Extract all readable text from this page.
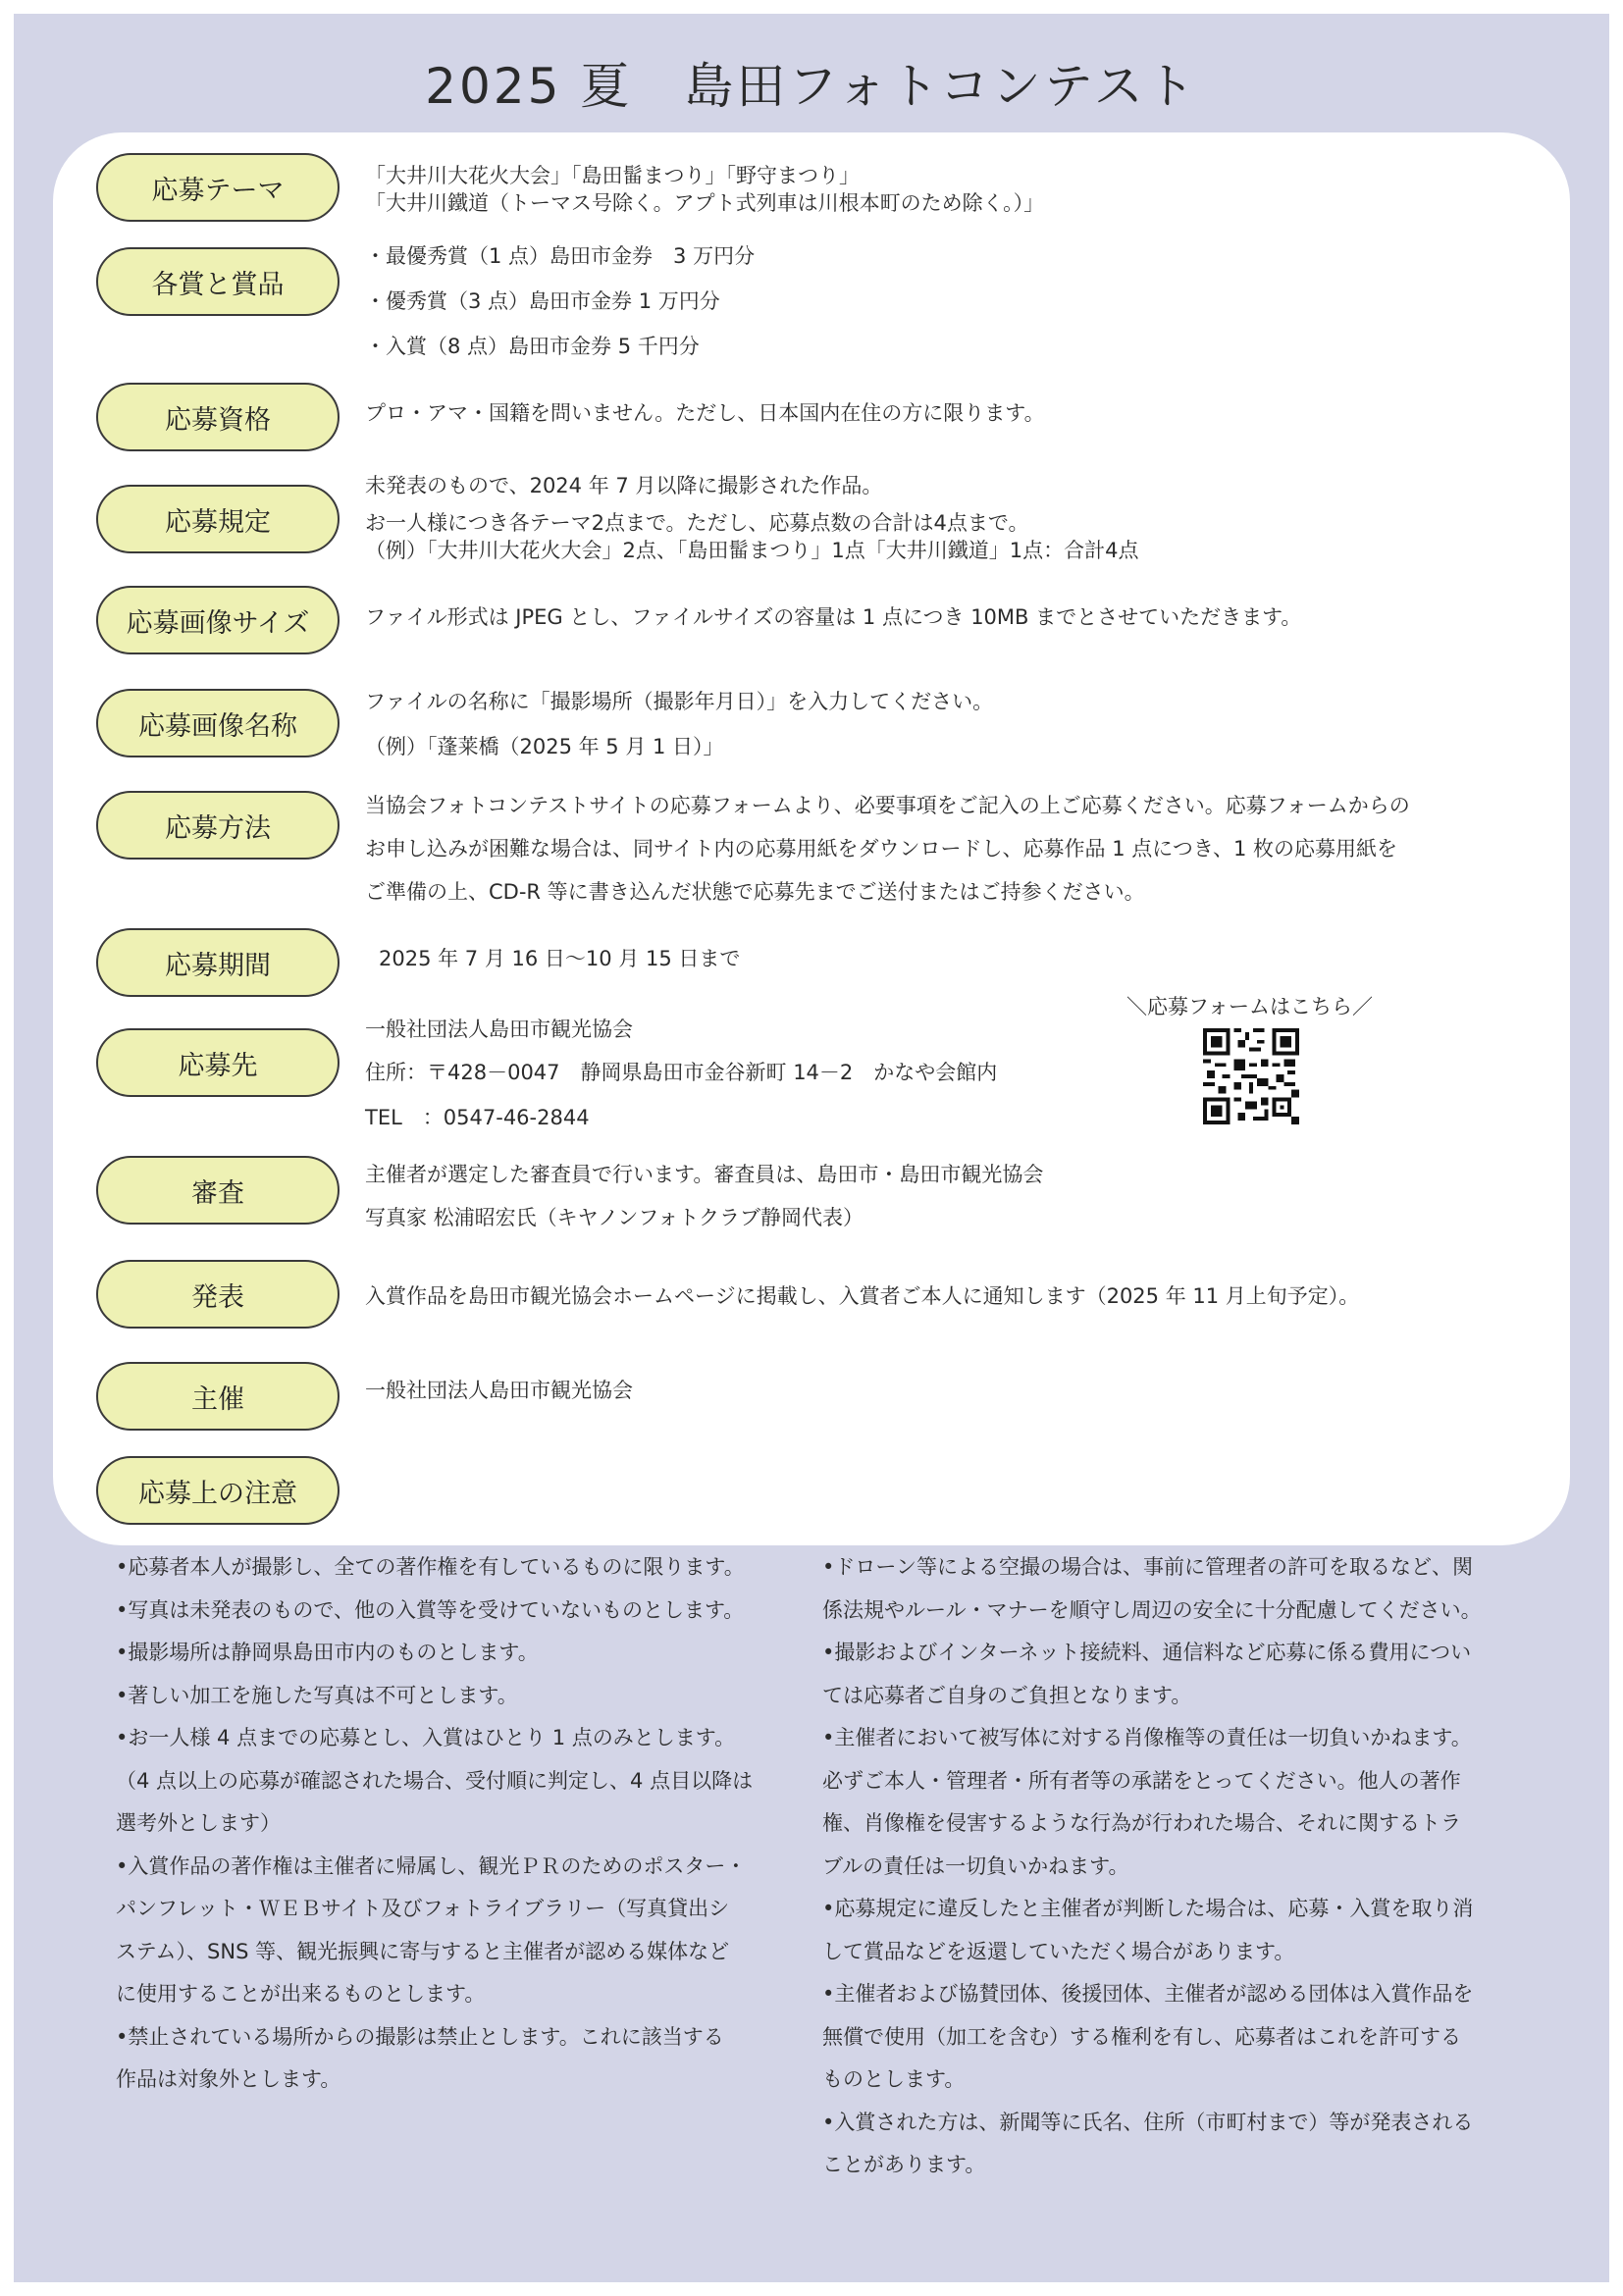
2025 夏　島田フォトコンテスト
応募テーマ
各賞と賞品
応募資格
応募規定
応募画像サイズ
応募画像名称
応募方法
応募期間
応募先
審査
発表
主催
応募上の注意
「大井川大花火大会」「島田髷まつり」「野守まつり」
「大井川鐵道（トーマス号除く。アプト式列車は川根本町のため除く。）」
・最優秀賞（1 点）島田市金券　3 万円分
・優秀賞（3 点）島田市金券 1 万円分
・入賞（8 点）島田市金券 5 千円分
プロ・アマ・国籍を問いません。ただし、日本国内在住の方に限ります。
未発表のもので、2024 年 7 月以降に撮影された作品。
お一人様につき各テーマ2点まで。ただし、応募点数の合計は4点まで。
（例）「大井川大花火大会」2点、「島田髷まつり」1点「大井川鐵道」1点：合計4点
ファイル形式は JPEG とし、ファイルサイズの容量は 1 点につき 10MB までとさせていただきます。
ファイルの名称に「撮影場所（撮影年月日）」を入力してください。
（例）「蓬莱橋（2025 年 5 月 1 日）」
当協会フォトコンテストサイトの応募フォームより、必要事項をご記入の上ご応募ください。応募フォームからの
お申し込みが困難な場合は、同サイト内の応募用紙をダウンロードし、応募作品 1 点につき、1 枚の応募用紙を
ご準備の上、CD-R 等に書き込んだ状態で応募先までご送付またはご持参ください。
2025 年 7 月 16 日～10 月 15 日まで
一般社団法人島田市観光協会
住所：〒428－0047　静岡県島田市金谷新町 14－2　かなや会館内
TEL　：0547-46-2844
主催者が選定した審査員で行います。審査員は、島田市・島田市観光協会
写真家 松浦昭宏氏（キヤノンフォトクラブ静岡代表）
入賞作品を島田市観光協会ホームページに掲載し、入賞者ご本人に通知します（2025 年 11 月上旬予定）。
一般社団法人島田市観光協会
＼応募フォームはこちら／
•応募者本人が撮影し、全ての著作権を有しているものに限ります。
•写真は未発表のもので、他の入賞等を受けていないものとします。
•撮影場所は静岡県島田市内のものとします。
•著しい加工を施した写真は不可とします。
•お一人様 4 点までの応募とし、入賞はひとり 1 点のみとします。
（4 点以上の応募が確認された場合、受付順に判定し、4 点目以降は
選考外とします）
•入賞作品の著作権は主催者に帰属し、観光ＰＲのためのポスター・
パンフレット・ＷＥＢサイト及びフォトライブラリー（写真貸出シ
ステム）、SNS 等、観光振興に寄与すると主催者が認める媒体など
に使用することが出来るものとします。
•禁止されている場所からの撮影は禁止とします。これに該当する
作品は対象外とします。
•ドローン等による空撮の場合は、事前に管理者の許可を取るなど、関
係法規やルール・マナーを順守し周辺の安全に十分配慮してください。
•撮影およびインターネット接続料、通信料など応募に係る費用につい
ては応募者ご自身のご負担となります。
•主催者において被写体に対する肖像権等の責任は一切負いかねます。
必ずご本人・管理者・所有者等の承諾をとってください。他人の著作
権、肖像権を侵害するような行為が行われた場合、それに関するトラ
ブルの責任は一切負いかねます。
•応募規定に違反したと主催者が判断した場合は、応募・入賞を取り消
して賞品などを返還していただく場合があります。
•主催者および協賛団体、後援団体、主催者が認める団体は入賞作品を
無償で使用（加工を含む）する権利を有し、応募者はこれを許可する
ものとします。
•入賞された方は、新聞等に氏名、住所（市町村まで）等が発表される
ことがあります。
